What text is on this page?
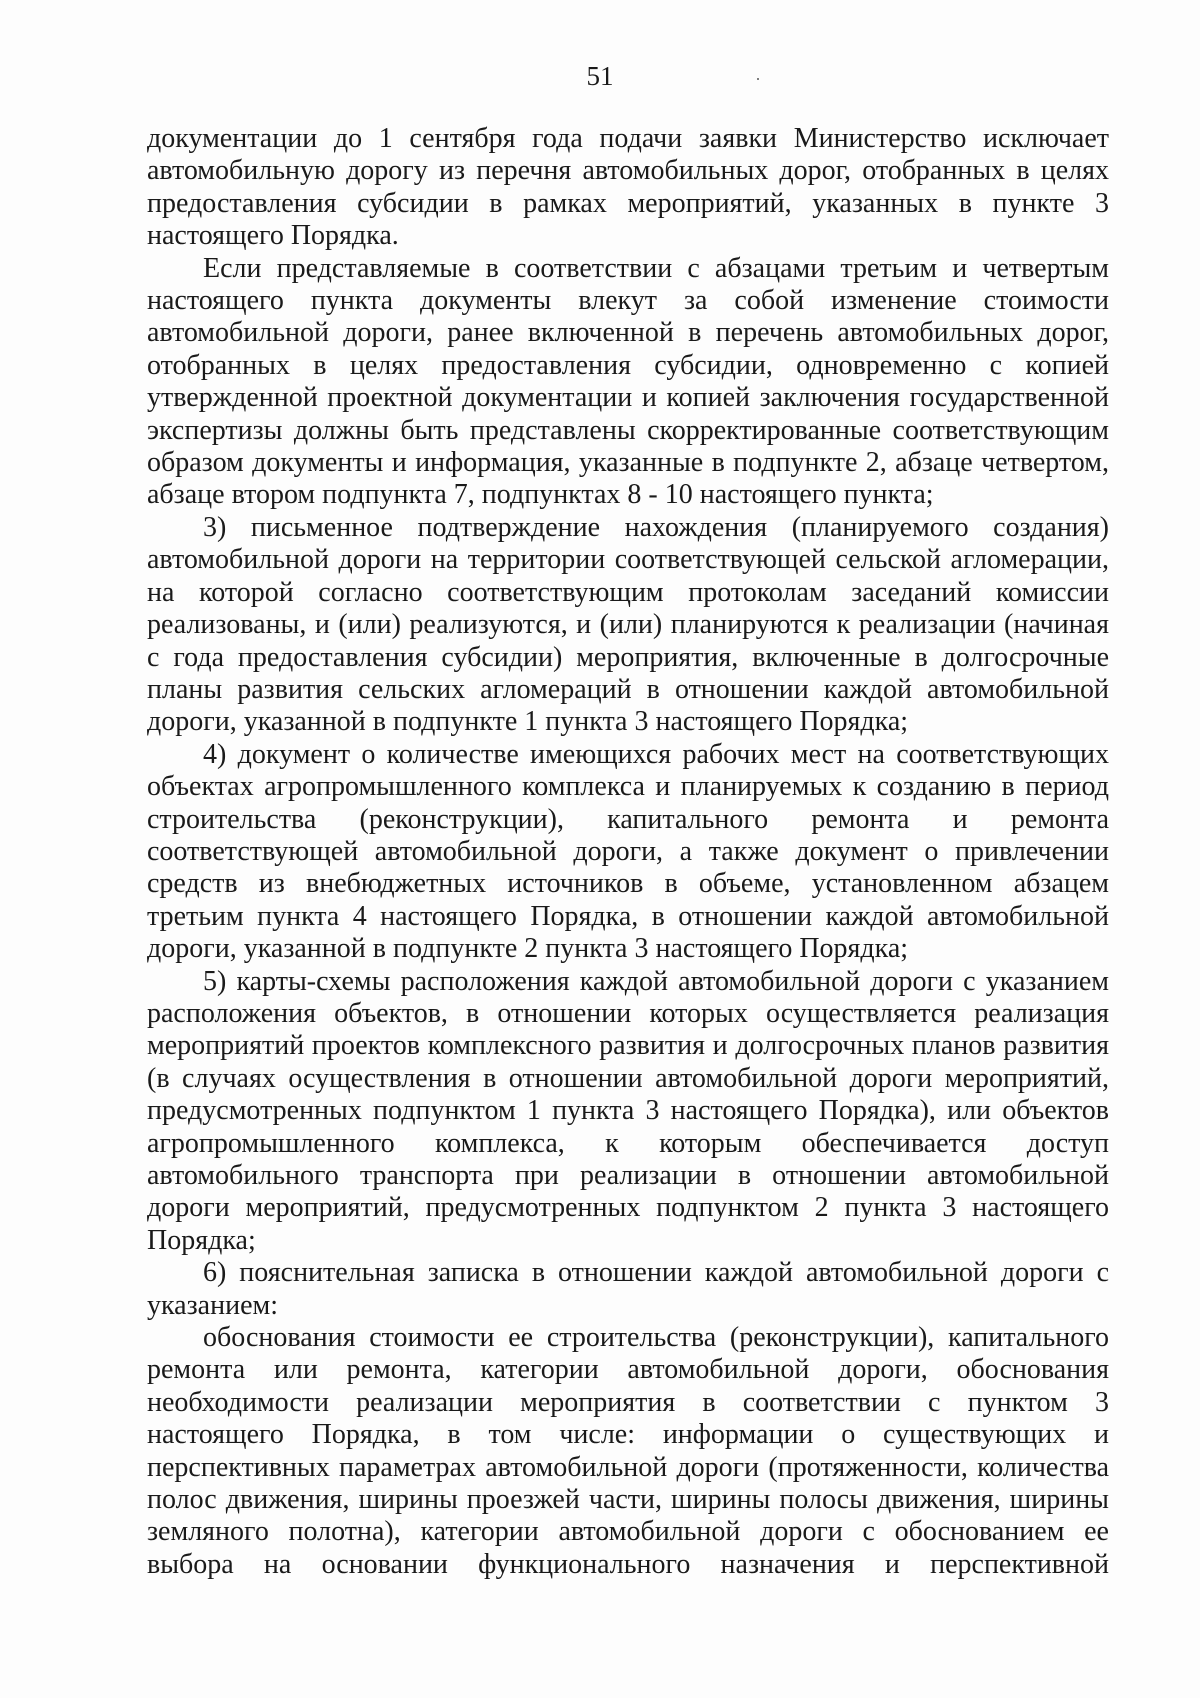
51

документации до 1 сентября года подачи заявки Министерство исключает автомобильную дорогу из перечня автомобильных дорог, отобранных в целях предоставления субсидии в рамках мероприятий, указанных в пункте 3 настоящего Порядка.

Если представляемые в соответствии с абзацами третьим и четвертым настоящего пункта документы влекут за собой изменение стоимости автомобильной дороги, ранее включенной в перечень автомобильных дорог, отобранных в целях предоставления субсидии, одновременно с копией утвержденной проектной документации и копией заключения государственной экспертизы должны быть представлены скорректированные соответствующим образом документы и информация, указанные в подпункте 2, абзаце четвертом, абзаце втором подпункта 7, подпунктах 8 - 10 настоящего пункта;

3) письменное подтверждение нахождения (планируемого создания) автомобильной дороги на территории соответствующей сельской агломерации, на которой согласно соответствующим протоколам заседаний комиссии реализованы, и (или) реализуются, и (или) планируются к реализации (начиная с года предоставления субсидии) мероприятия, включенные в долгосрочные планы развития сельских агломераций в отношении каждой автомобильной дороги, указанной в подпункте 1 пункта 3 настоящего Порядка;

4) документ о количестве имеющихся рабочих мест на соответствующих объектах агропромышленного комплекса и планируемых к созданию в период строительства (реконструкции), капитального ремонта и ремонта соответствующей автомобильной дороги, а также документ о привлечении средств из внебюджетных источников в объеме, установленном абзацем третьим пункта 4 настоящего Порядка, в отношении каждой автомобильной дороги, указанной в подпункте 2 пункта 3 настоящего Порядка;

5) карты-схемы расположения каждой автомобильной дороги с указанием расположения объектов, в отношении которых осуществляется реализация мероприятий проектов комплексного развития и долгосрочных планов развития (в случаях осуществления в отношении автомобильной дороги мероприятий, предусмотренных подпунктом 1 пункта 3 настоящего Порядка), или объектов агропромышленного комплекса, к которым обеспечивается доступ автомобильного транспорта при реализации в отношении автомобильной дороги мероприятий, предусмотренных подпунктом 2 пункта 3 настоящего Порядка;

6) пояснительная записка в отношении каждой автомобильной дороги с указанием:

обоснования стоимости ее строительства (реконструкции), капитального ремонта или ремонта, категории автомобильной дороги, обоснования необходимости реализации мероприятия в соответствии с пунктом 3 настоящего Порядка, в том числе: информации о существующих и перспективных параметрах автомобильной дороги (протяженности, количества полос движения, ширины проезжей части, ширины полосы движения, ширины земляного полотна), категории автомобильной дороги с обоснованием ее выбора на основании функционального назначения и перспективной
